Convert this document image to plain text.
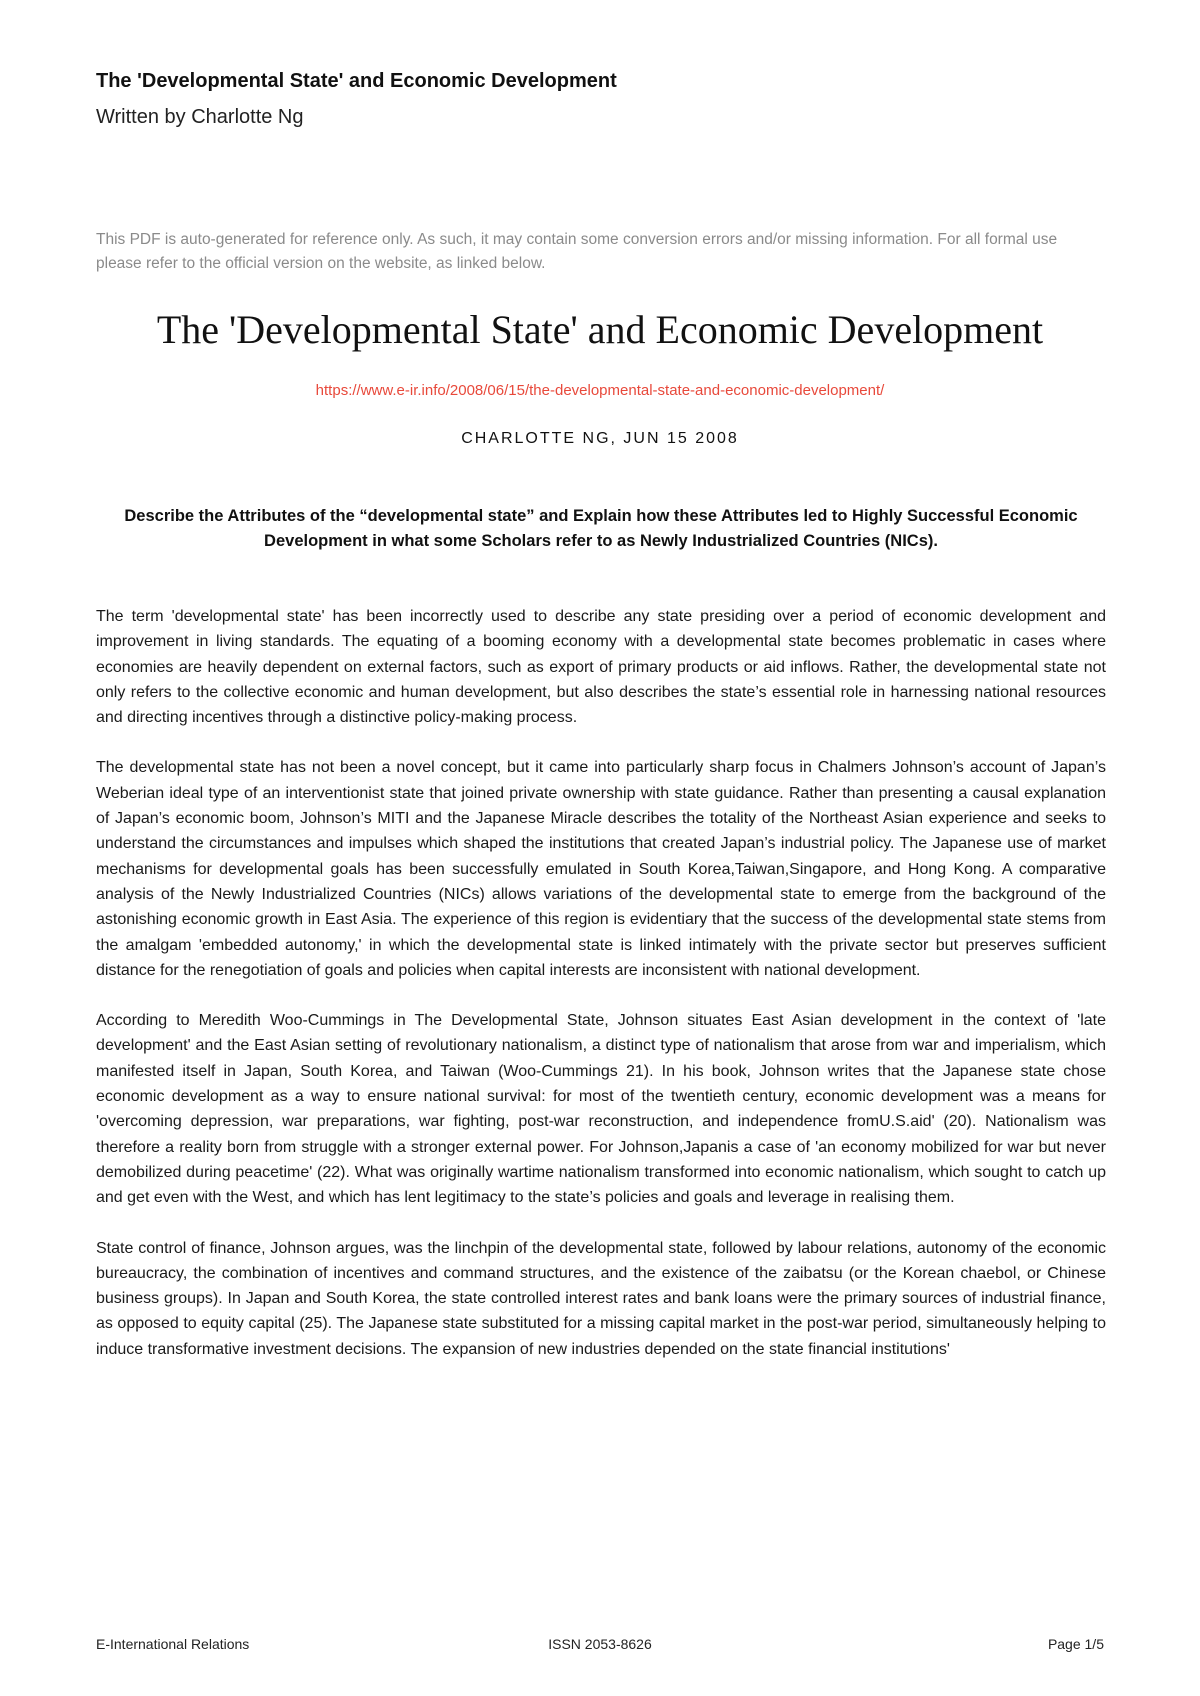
The 'Developmental State' and Economic Development
Written by Charlotte Ng
This PDF is auto-generated for reference only. As such, it may contain some conversion errors and/or missing information. For all formal use please refer to the official version on the website, as linked below.
The 'Developmental State' and Economic Development
https://www.e-ir.info/2008/06/15/the-developmental-state-and-economic-development/
CHARLOTTE NG, JUN 15 2008
Describe the Attributes of the “developmental state” and Explain how these Attributes led to Highly Successful Economic Development in what some Scholars refer to as Newly Industrialized Countries (NICs).

The term 'developmental state' has been incorrectly used to describe any state presiding over a period of economic development and improvement in living standards. The equating of a booming economy with a developmental state becomes problematic in cases where economies are heavily dependent on external factors, such as export of primary products or aid inflows. Rather, the developmental state not only refers to the collective economic and human development, but also describes the state’s essential role in harnessing national resources and directing incentives through a distinctive policy-making process.

The developmental state has not been a novel concept, but it came into particularly sharp focus in Chalmers Johnson’s account of Japan’s Weberian ideal type of an interventionist state that joined private ownership with state guidance. Rather than presenting a causal explanation of Japan’s economic boom, Johnson’s MITI and the Japanese Miracle describes the totality of the Northeast Asian experience and seeks to understand the circumstances and impulses which shaped the institutions that created Japan’s industrial policy. The Japanese use of market mechanisms for developmental goals has been successfully emulated in South Korea,Taiwan,Singapore, and Hong Kong. A comparative analysis of the Newly Industrialized Countries (NICs) allows variations of the developmental state to emerge from the background of the astonishing economic growth in East Asia. The experience of this region is evidentiary that the success of the developmental state stems from the amalgam 'embedded autonomy,' in which the developmental state is linked intimately with the private sector but preserves sufficient distance for the renegotiation of goals and policies when capital interests are inconsistent with national development.

According to Meredith Woo-Cummings in The Developmental State, Johnson situates East Asian development in the context of 'late development' and the East Asian setting of revolutionary nationalism, a distinct type of nationalism that arose from war and imperialism, which manifested itself in Japan, South Korea, and Taiwan (Woo-Cummings 21). In his book, Johnson writes that the Japanese state chose economic development as a way to ensure national survival: for most of the twentieth century, economic development was a means for 'overcoming depression, war preparations, war fighting, post-war reconstruction, and independence fromU.S.aid' (20). Nationalism was therefore a reality born from struggle with a stronger external power. For Johnson,Japanis a case of 'an economy mobilized for war but never demobilized during peacetime' (22). What was originally wartime nationalism transformed into economic nationalism, which sought to catch up and get even with the West, and which has lent legitimacy to the state’s policies and goals and leverage in realising them.

State control of finance, Johnson argues, was the linchpin of the developmental state, followed by labour relations, autonomy of the economic bureaucracy, the combination of incentives and command structures, and the existence of the zaibatsu (or the Korean chaebol, or Chinese business groups). In Japan and South Korea, the state controlled interest rates and bank loans were the primary sources of industrial finance, as opposed to equity capital (25). The Japanese state substituted for a missing capital market in the post-war period, simultaneously helping to induce transformative investment decisions. The expansion of new industries depended on the state financial institutions'

ISSN 2053-8626
E-International Relations	Page 1/5
